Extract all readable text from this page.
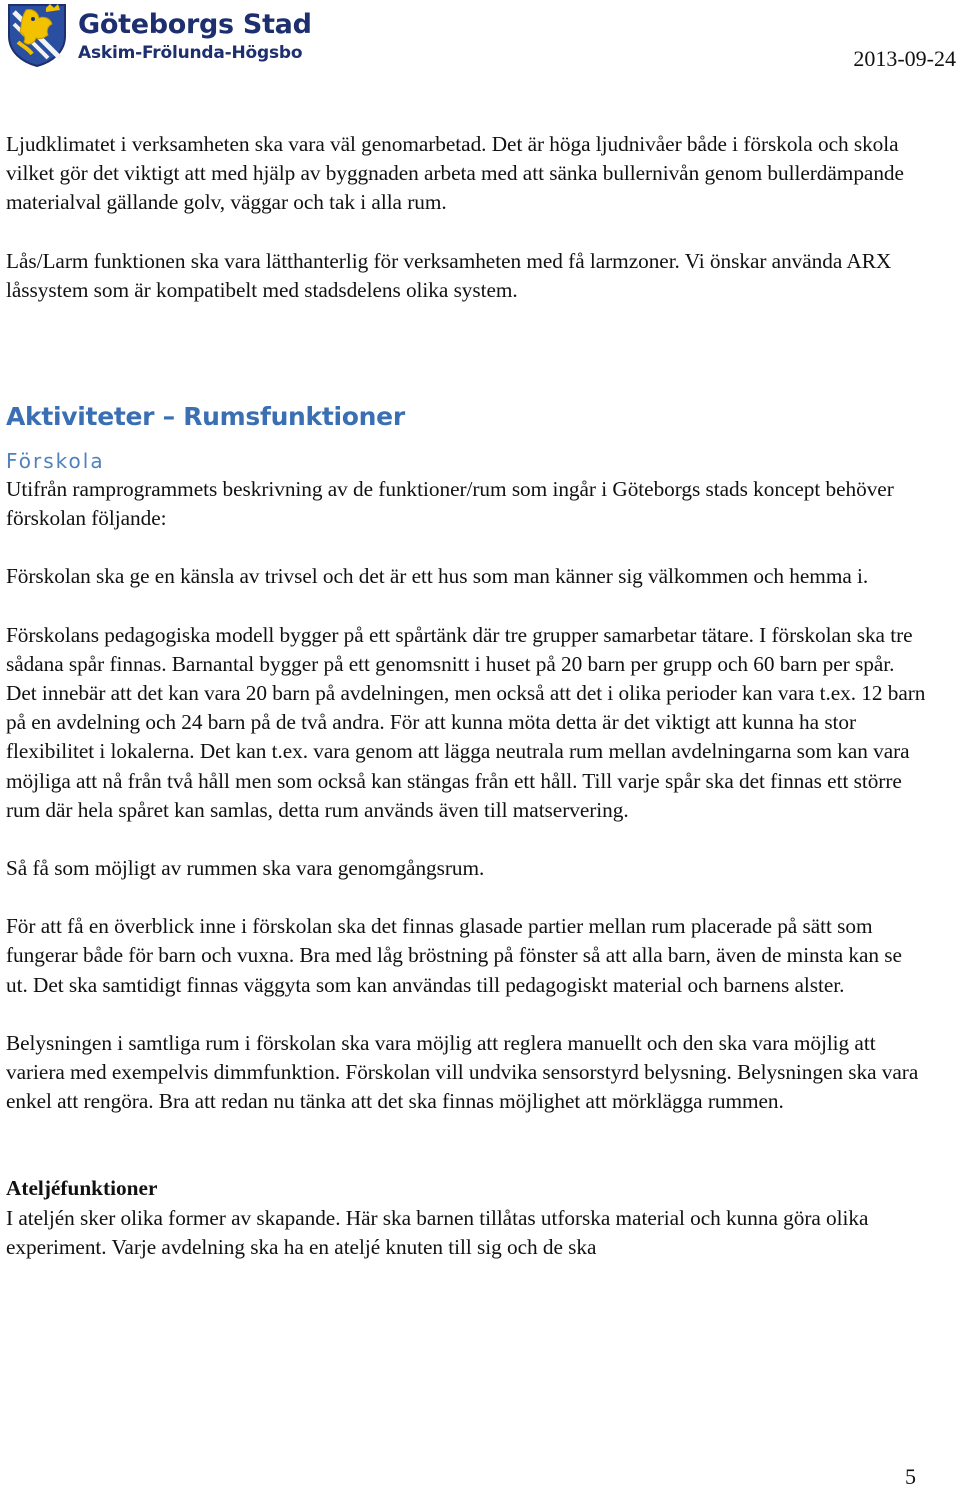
Göteborgs Stad
Askim-Frölunda-Högsbo	2013-09-24

Ljudklimatet i verksamheten ska vara väl genomarbetad. Det är höga ljudnivåer både i förskola och skola vilket gör det viktigt att med hjälp av byggnaden arbeta med att sänka bullernivån genom bullerdämpande materialval gällande golv, väggar och tak i alla rum.

Lås/Larm funktionen ska vara lätthanterlig för verksamheten med få larmzoner. Vi önskar använda ARX låssystem som är kompatibelt med stadsdelens olika system.

Aktiviteter – Rumsfunktioner
Förskola

Utifrån ramprogrammets beskrivning av de funktioner/rum som ingår i Göteborgs stads koncept behöver förskolan följande:

Förskolan ska ge en känsla av trivsel och det är ett hus som man känner sig välkommen och hemma i.

Förskolans pedagogiska modell bygger på ett spårtänk där tre grupper samarbetar tätare. I förskolan ska tre sådana spår finnas. Barnantal bygger på ett genomsnitt i huset på 20 barn per grupp och 60 barn per spår. Det innebär att det kan vara 20 barn på avdelningen, men också att det i olika perioder kan vara t.ex. 12 barn på en avdelning och 24 barn på de två andra. För att kunna möta detta är det viktigt att kunna ha stor flexibilitet i lokalerna. Det kan t.ex. vara genom att lägga neutrala rum mellan avdelningarna som kan vara möjliga att nå från två håll men som också kan stängas från ett håll. Till varje spår ska det finnas ett större rum där hela spåret kan samlas, detta rum används även till matservering.

Så få som möjligt av rummen ska vara genomgångsrum.

För att få en överblick inne i förskolan ska det finnas glasade partier mellan rum placerade på sätt som fungerar både för barn och vuxna. Bra med låg bröstning på fönster så att alla barn, även de minsta kan se ut. Det ska samtidigt finnas väggyta som kan användas till pedagogiskt material och barnens alster.

Belysningen i samtliga rum i förskolan ska vara möjlig att reglera manuellt och den ska vara möjlig att variera med exempelvis dimmfunktion. Förskolan vill undvika sensorstyrd belysning. Belysningen ska vara enkel att rengöra. Bra att redan nu tänka att det ska finnas möjlighet att mörklägga rummen.

Ateljéfunktioner

I ateljén sker olika former av skapande. Här ska barnen tillåtas utforska material och kunna göra olika experiment. Varje avdelning ska ha en ateljé knuten till sig och de ska

5
